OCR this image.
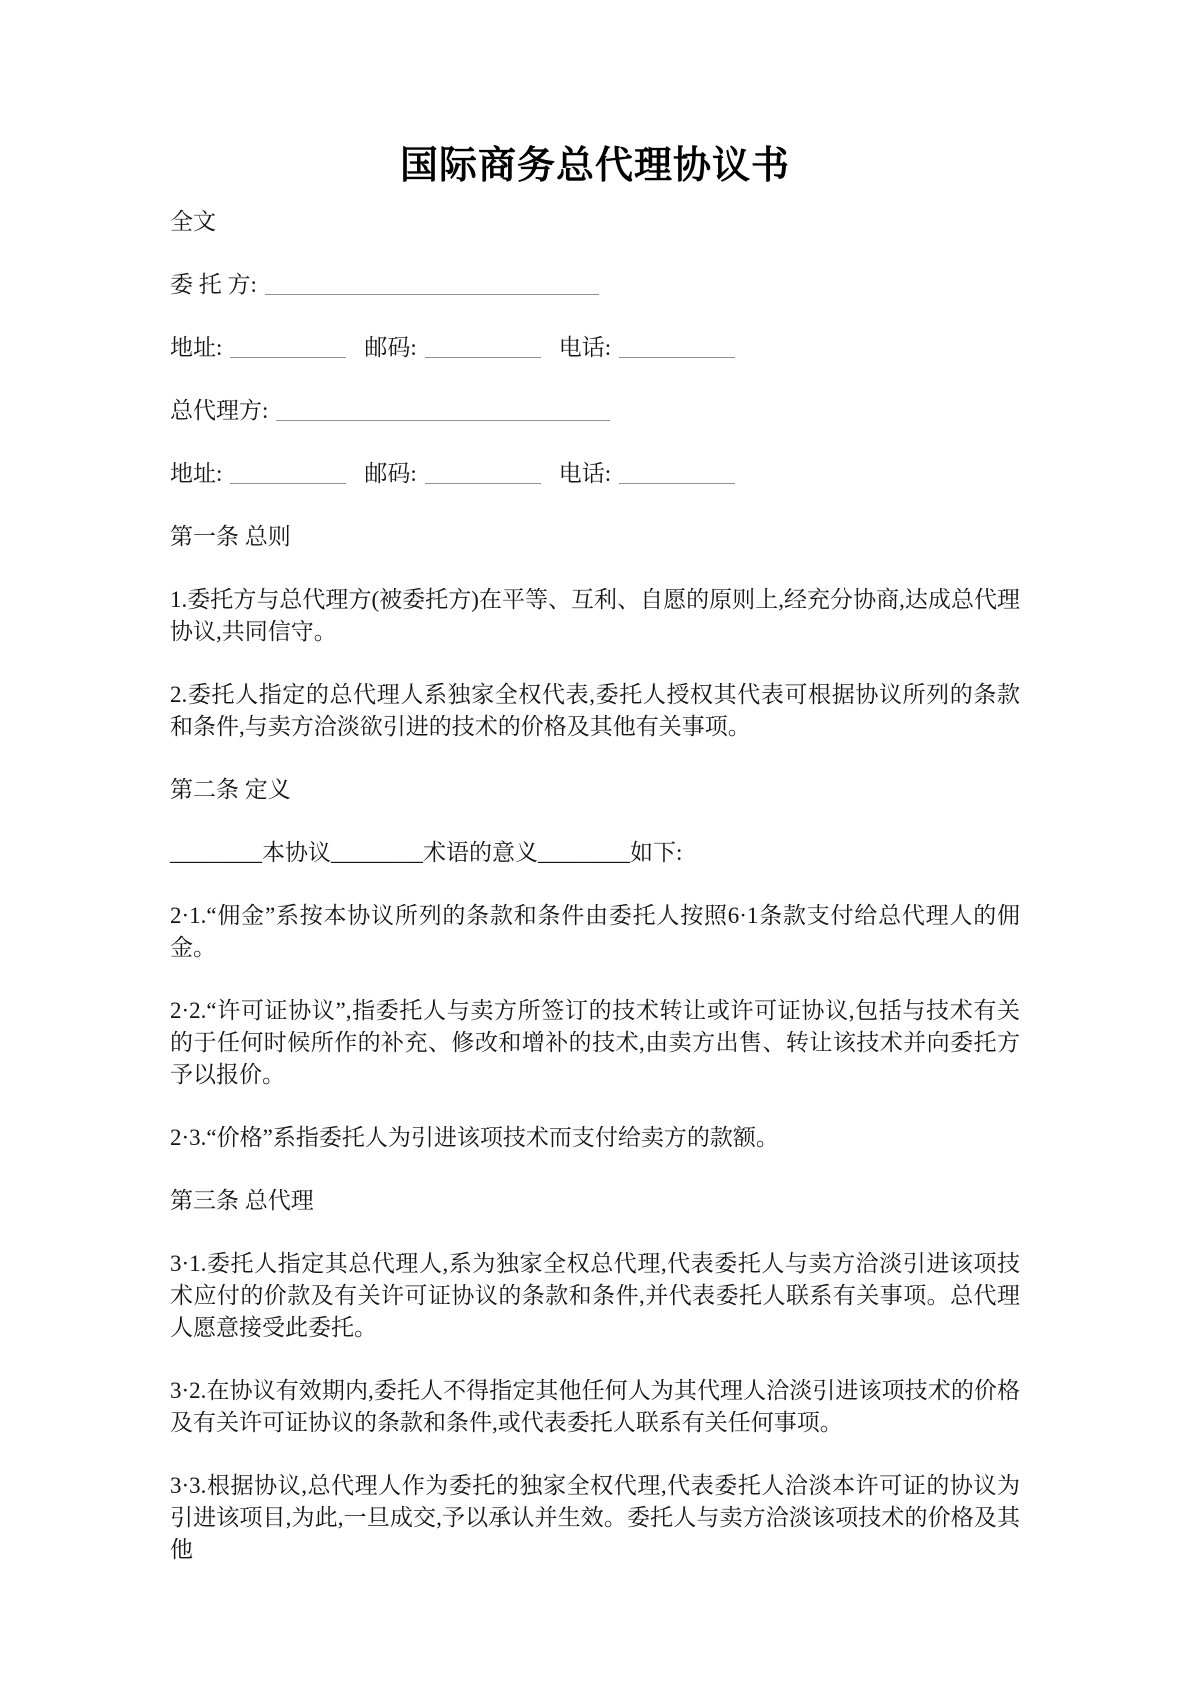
国际商务总代理协议书

全文

委 托 方:

地址:	邮码:	电话:

总代理方:

地址:	邮码:	电话:

第一条 总则

1.委托方与总代理方(被委托方)在平等、互利、自愿的原则上,经充分协商,达成总代理协议,共同信守。

2.委托人指定的总代理人系独家全权代表,委托人授权其代表可根据协议所列的条款和条件,与卖方洽淡欲引进的技术的价格及其他有关事项。

第二条 定义

________本协议________术语的意义________如下:

2·1.“佣金”系按本协议所列的条款和条件由委托人按照6·1条款支付给总代理人的佣金。

2·2.“许可证协议”,指委托人与卖方所签订的技术转让或许可证协议,包括与技术有关的于任何时候所作的补充、修改和增补的技术,由卖方出售、转让该技术并向委托方予以报价。

2·3.“价格”系指委托人为引进该项技术而支付给卖方的款额。

第三条 总代理

3·1.委托人指定其总代理人,系为独家全权总代理,代表委托人与卖方洽淡引进该项技术应付的价款及有关许可证协议的条款和条件,并代表委托人联系有关事项。总代理人愿意接受此委托。

3·2.在协议有效期内,委托人不得指定其他任何人为其代理人洽淡引进该项技术的价格及有关许可证协议的条款和条件,或代表委托人联系有关任何事项。

3·3.根据协议,总代理人作为委托的独家全权代理,代表委托人洽淡本许可证的协议为引进该项目,为此,一旦成交,予以承认并生效。委托人与卖方洽淡该项技术的价格及其他
